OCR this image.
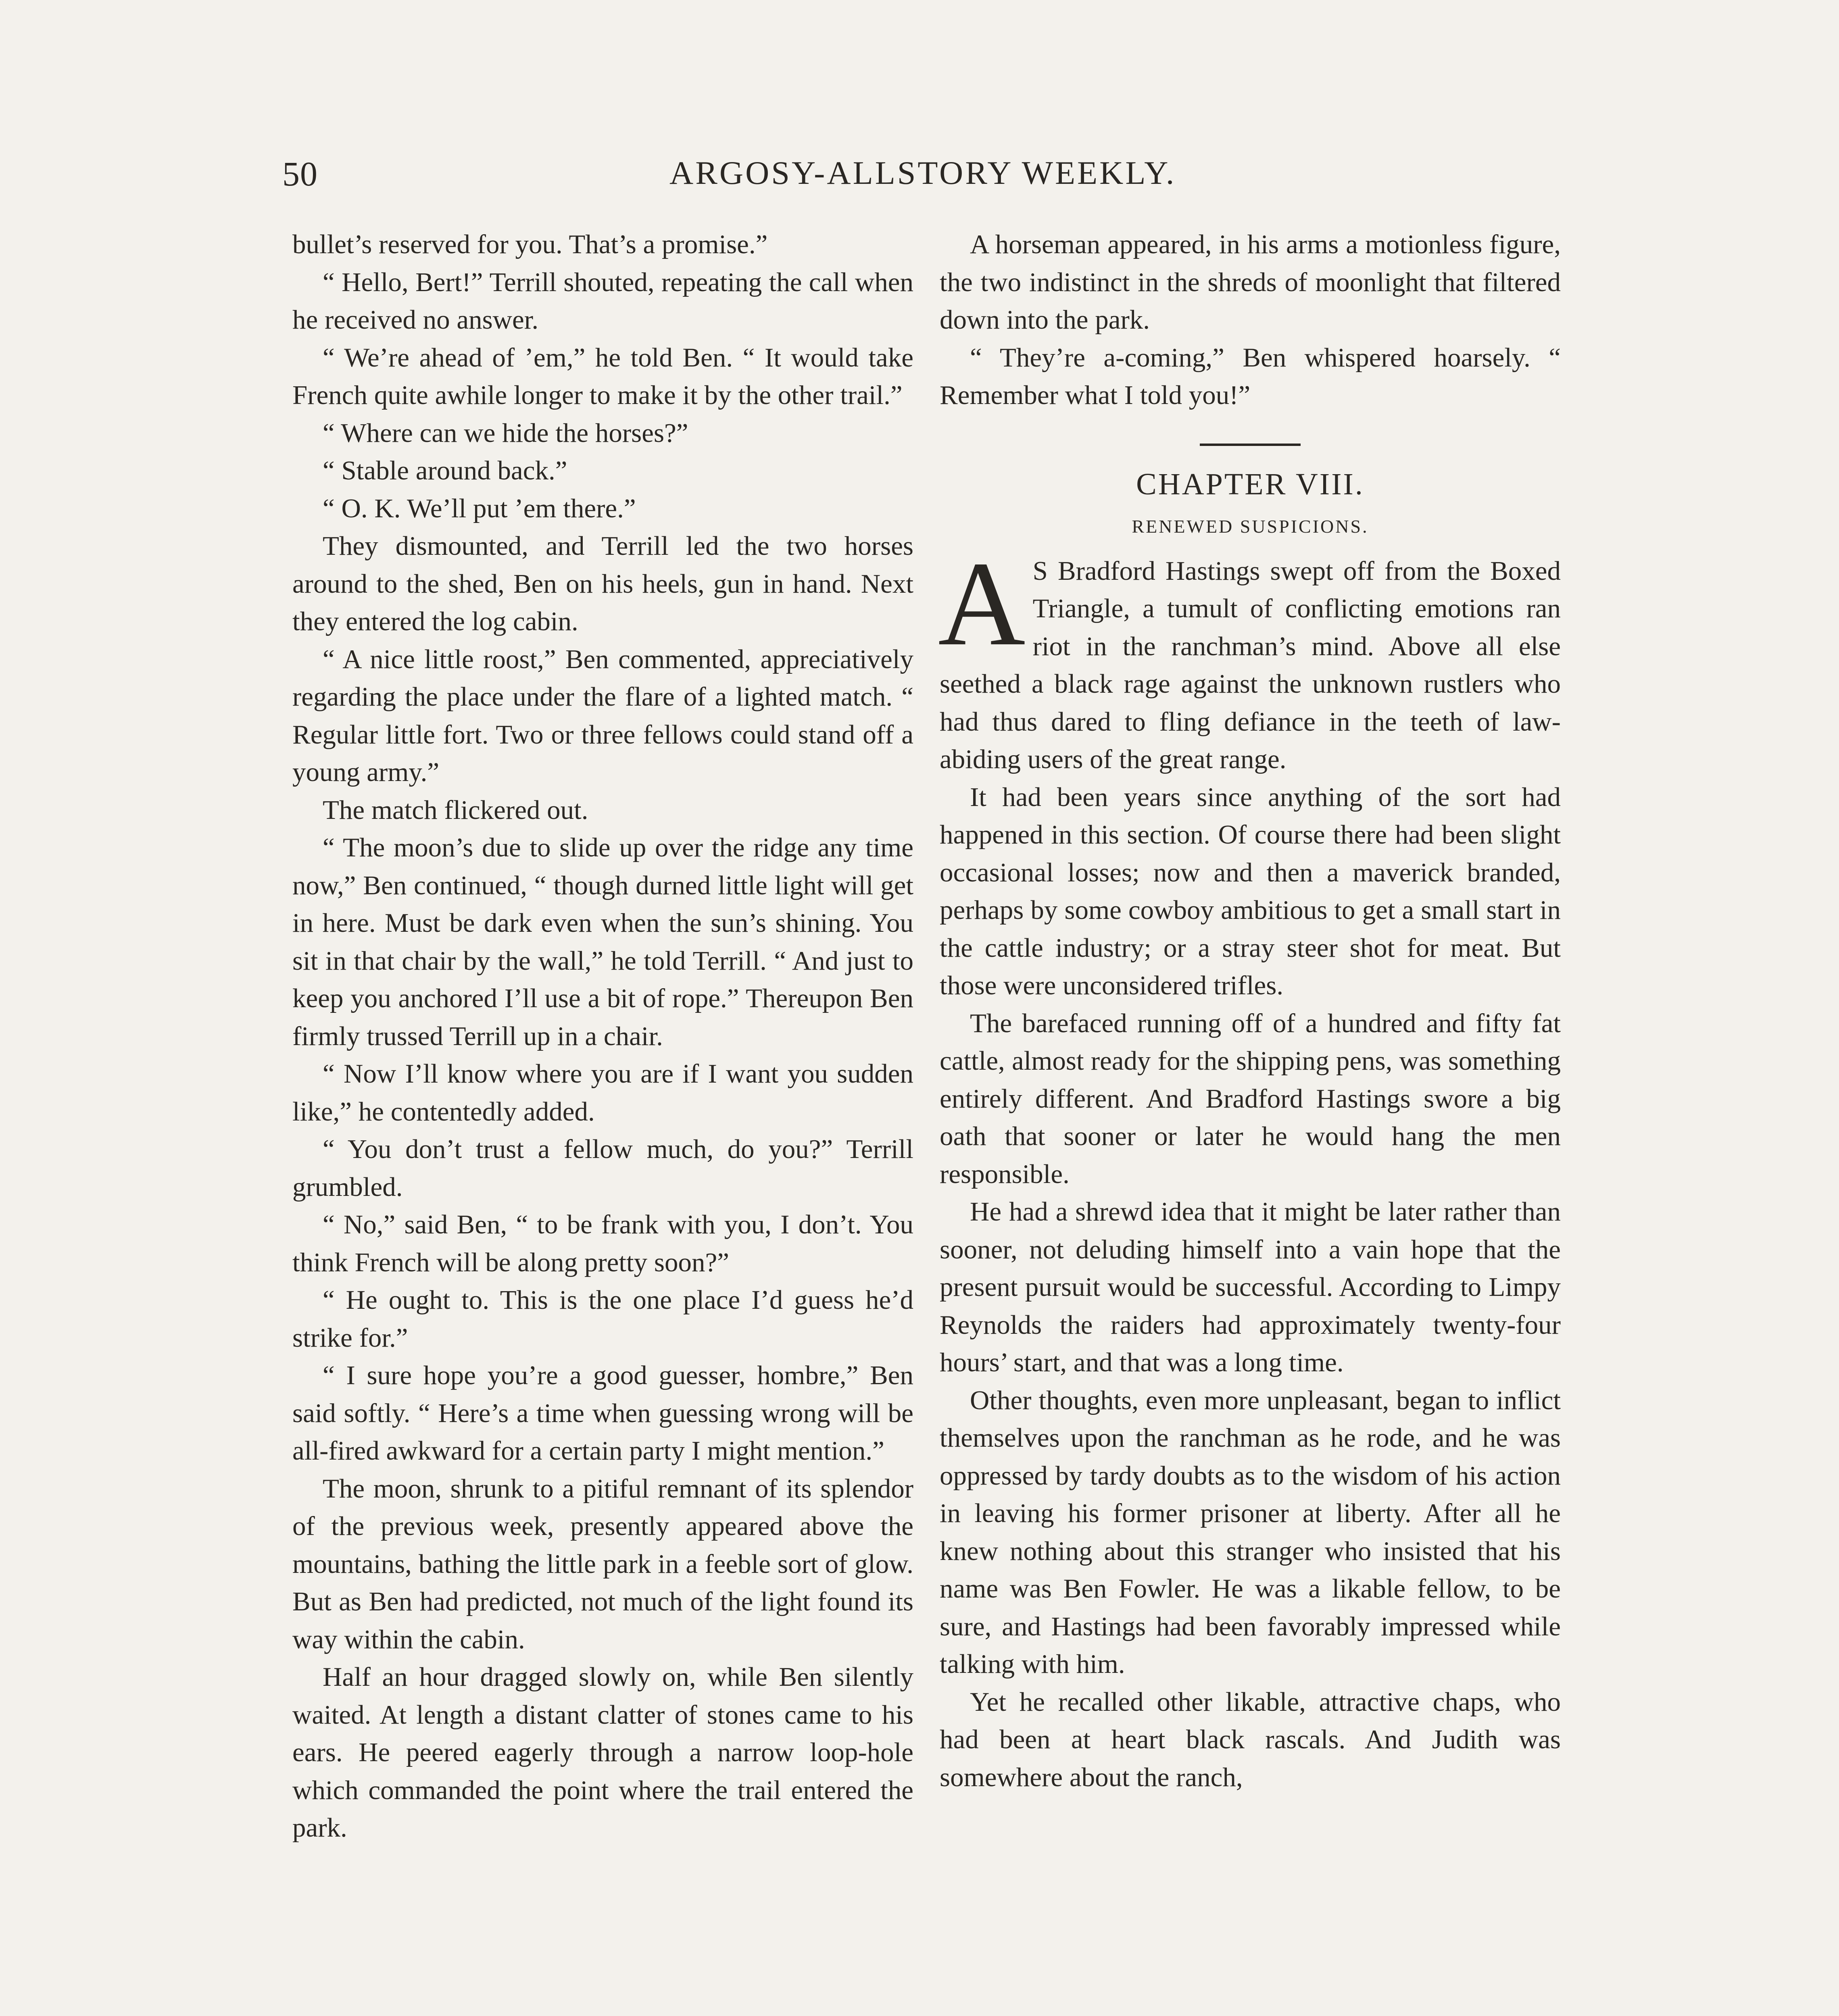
50	ARGOSY-ALLSTORY WEEKLY.

bullet’s reserved for you. That’s a promise.”

“ Hello, Bert!” Terrill shouted, repeating the call when he received no answer.

“ We’re ahead of ’em,” he told Ben. “ It would take French quite awhile longer to make it by the other trail.”

“ Where can we hide the horses?”

“ Stable around back.”

“ O. K. We’ll put ’em there.”

They dismounted, and Terrill led the two horses around to the shed, Ben on his heels, gun in hand. Next they entered the log cabin.

“ A nice little roost,” Ben commented, appreciatively regarding the place under the flare of a lighted match. “ Regular little fort. Two or three fellows could stand off a young army.”

The match flickered out.

“ The moon’s due to slide up over the ridge any time now,” Ben continued, “ though durned little light will get in here. Must be dark even when the sun’s shining. You sit in that chair by the wall,” he told Terrill. “ And just to keep you anchored I’ll use a bit of rope.” Thereupon Ben firmly trussed Terrill up in a chair.

“ Now I’ll know where you are if I want you sudden like,” he contentedly added.

“ You don’t trust a fellow much, do you?” Terrill grumbled.

“ No,” said Ben, “ to be frank with you, I don’t. You think French will be along pretty soon?”

“ He ought to. This is the one place I’d guess he’d strike for.”

“ I sure hope you’re a good guesser, hombre,” Ben said softly. “ Here’s a time when guessing wrong will be all-fired awkward for a certain party I might mention.”

The moon, shrunk to a pitiful remnant of its splendor of the previous week, presently appeared above the mountains, bathing the little park in a feeble sort of glow. But as Ben had predicted, not much of the light found its way within the cabin.

Half an hour dragged slowly on, while Ben silently waited. At length a distant clatter of stones came to his ears. He peered eagerly through a narrow loop-hole which commanded the point where the trail entered the park.

A horseman appeared, in his arms a motionless figure, the two indistinct in the shreds of moonlight that filtered down into the park.

“ They’re a-coming,” Ben whispered hoarsely. “ Remember what I told you!”

CHAPTER VIII.
RENEWED SUSPICIONS.

A S Bradford Hastings swept off from the Boxed Triangle, a tumult of conflicting emotions ran riot in the ranchman’s mind. Above all else seethed a black rage against the unknown rustlers who had thus dared to fling defiance in the teeth of law-abiding users of the great range.

It had been years since anything of the sort had happened in this section. Of course there had been slight occasional losses; now and then a maverick branded, perhaps by some cowboy ambitious to get a small start in the cattle industry; or a stray steer shot for meat. But those were unconsidered trifles.

The barefaced running off of a hundred and fifty fat cattle, almost ready for the shipping pens, was something entirely different. And Bradford Hastings swore a big oath that sooner or later he would hang the men responsible.

He had a shrewd idea that it might be later rather than sooner, not deluding himself into a vain hope that the present pursuit would be successful. According to Limpy Reynolds the raiders had approximately twenty-four hours’ start, and that was a long time.

Other thoughts, even more unpleasant, began to inflict themselves upon the ranchman as he rode, and he was oppressed by tardy doubts as to the wisdom of his action in leaving his former prisoner at liberty. After all he knew nothing about this stranger who insisted that his name was Ben Fowler. He was a likable fellow, to be sure, and Hastings had been favorably impressed while talking with him.

Yet he recalled other likable, attractive chaps, who had been at heart black rascals. And Judith was somewhere about the ranch,
